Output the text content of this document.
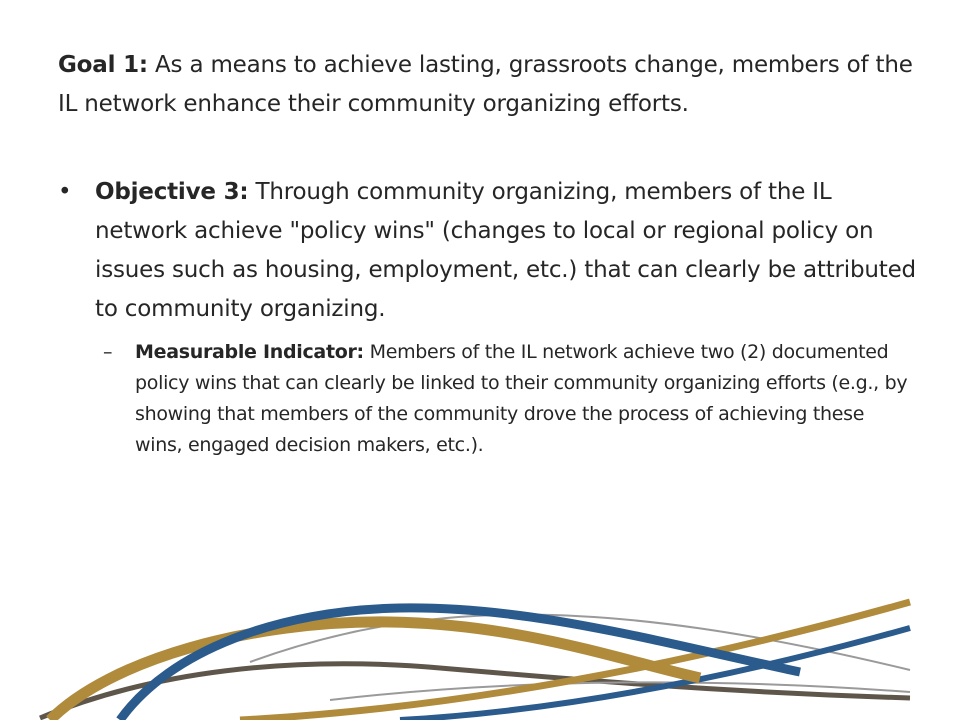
Goal 1: As a means to achieve lasting, grassroots change, members of the IL network enhance their community organizing efforts.

• Objective 3: Through community organizing, members of the IL network achieve "policy wins" (changes to local or regional policy on issues such as housing, employment, etc.) that can clearly be attributed to community organizing.

– Measurable Indicator: Members of the IL network achieve two (2) documented policy wins that can clearly be linked to their community organizing efforts (e.g., by showing that members of the community drove the process of achieving these wins, engaged decision makers, etc.).
